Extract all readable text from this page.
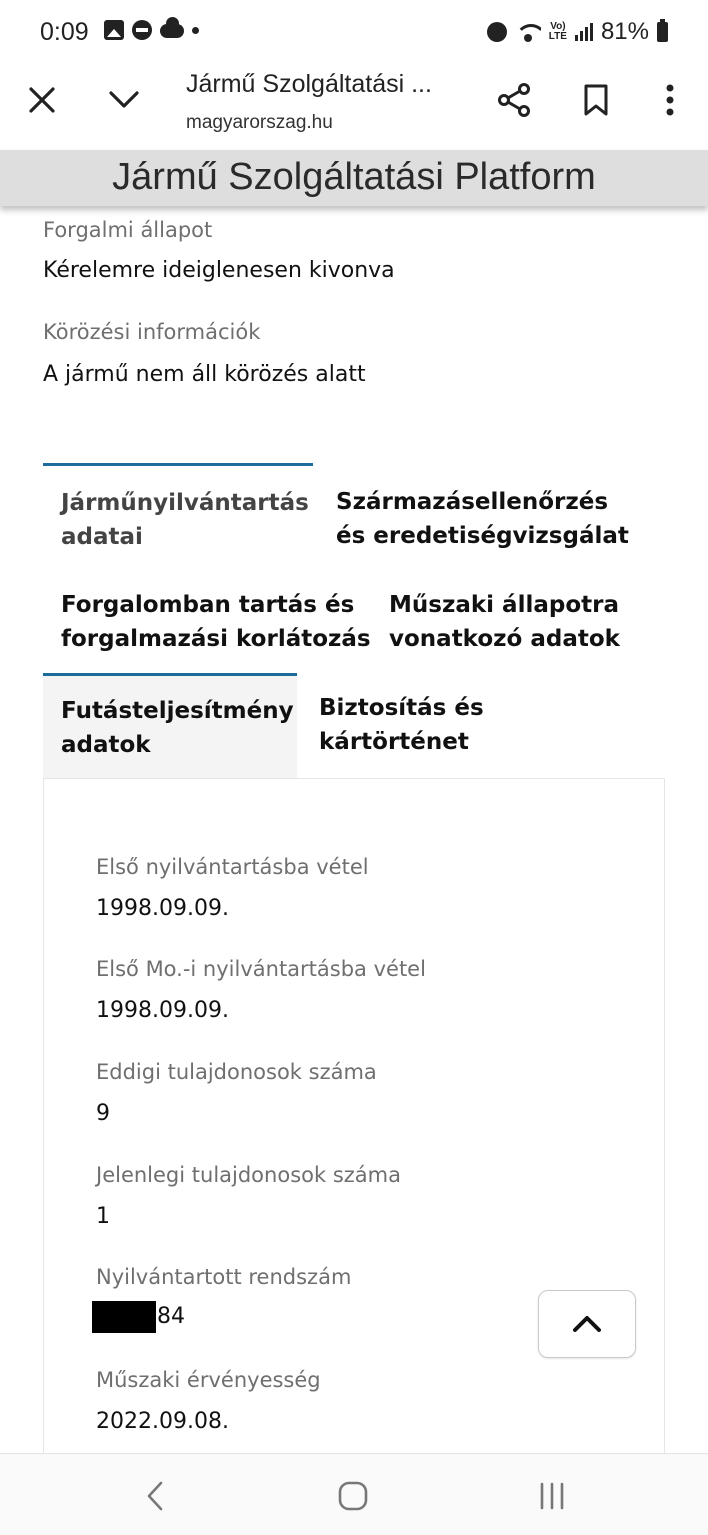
0:09	Vo)
LTE 81%
Jármű Szolgáltatási ...
magyarorszag.hu
Jármű Szolgáltatási Platform
Forgalmi állapot
Kérelemre ideiglenesen kivonva
Körözési információk
A jármű nem áll körözés alatt
Járműnyilvántartás
adatai
Származásellenőrzés
és eredetiségvizsgálat
Forgalomban tartás és
forgalmazási korlátozás
Műszaki állapotra
vonatkozó adatok
Futásteljesítmény
adatok
Biztosítás és
kártörténet
Első nyilvántartásba vétel
1998.09.09.
Első Mo.-i nyilvántartásba vétel
1998.09.09.
Eddigi tulajdonosok száma
9
Jelenlegi tulajdonosok száma
1
Nyilvántartott rendszám
84
Műszaki érvényesség
2022.09.08.
